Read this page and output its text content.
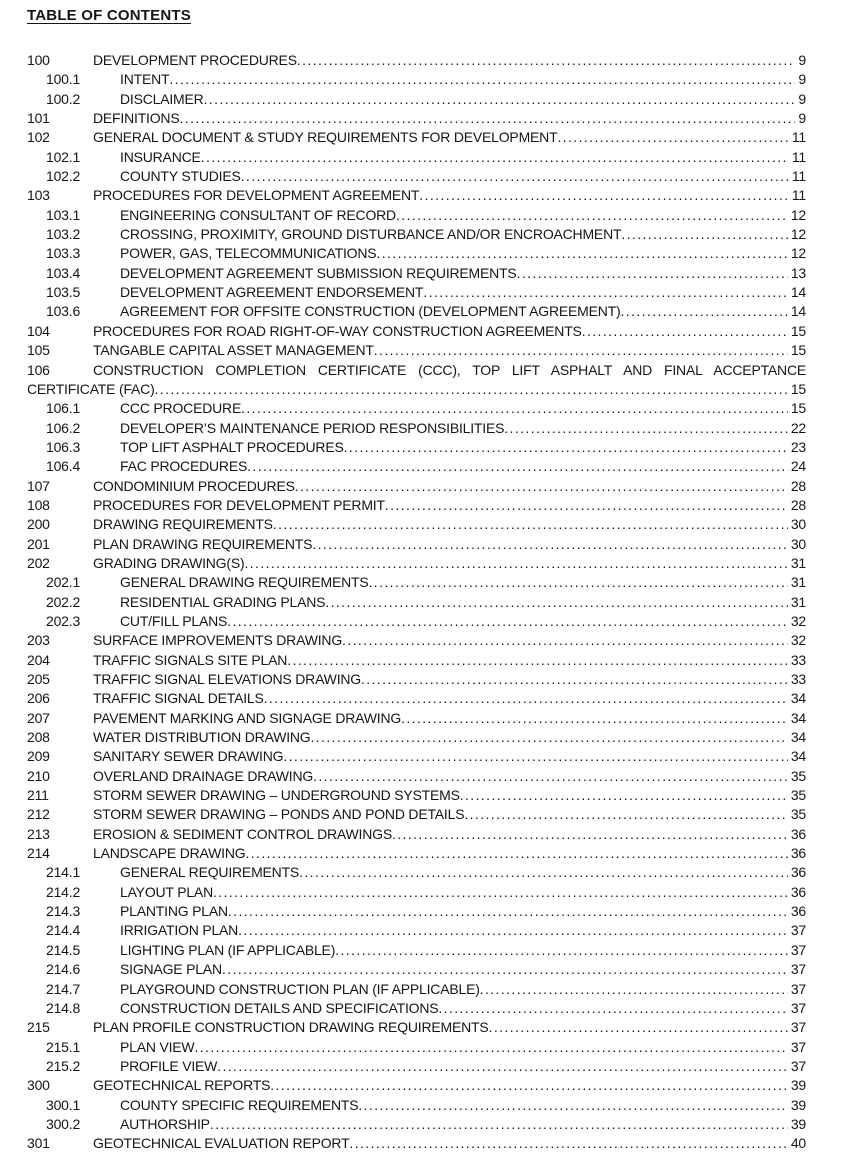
TABLE OF CONTENTS
100	DEVELOPMENT PROCEDURES .....	9
100.1	INTENT .....	9
100.2	DISCLAIMER .....	9
101	DEFINITIONS .....	9
102	GENERAL DOCUMENT & STUDY REQUIREMENTS FOR DEVELOPMENT .....	11
102.1	INSURANCE .....	11
102.2	COUNTY STUDIES .....	11
103	PROCEDURES FOR DEVELOPMENT AGREEMENT .....	11
103.1	ENGINEERING CONSULTANT OF RECORD .....	12
103.2	CROSSING, PROXIMITY, GROUND DISTURBANCE AND/OR ENCROACHMENT .....	12
103.3	POWER, GAS, TELECOMMUNICATIONS .....	12
103.4	DEVELOPMENT AGREEMENT SUBMISSION REQUIREMENTS .....	13
103.5	DEVELOPMENT AGREEMENT ENDORSEMENT .....	14
103.6	AGREEMENT FOR OFFSITE CONSTRUCTION (DEVELOPMENT AGREEMENT) .....	14
104	PROCEDURES FOR ROAD RIGHT-OF-WAY CONSTRUCTION AGREEMENTS .....	15
105	TANGABLE CAPITAL ASSET MANAGEMENT .....	15
106	CONSTRUCTION COMPLETION CERTIFICATE (CCC), TOP LIFT ASPHALT AND FINAL ACCEPTANCE
CERTIFICATE (FAC) .....	15
106.1	CCC PROCEDURE .....	15
106.2	DEVELOPER’S MAINTENANCE PERIOD RESPONSIBILITIES .....	22
106.3	TOP LIFT ASPHALT PROCEDURES .....	23
106.4	FAC PROCEDURES .....	24
107	CONDOMINIUM PROCEDURES .....	28
108	PROCEDURES FOR DEVELOPMENT PERMIT .....	28
200	DRAWING REQUIREMENTS .....	30
201	PLAN DRAWING REQUIREMENTS .....	30
202	GRADING DRAWING(S) .....	31
202.1	GENERAL DRAWING REQUIREMENTS .....	31
202.2	RESIDENTIAL GRADING PLANS .....	31
202.3	CUT/FILL PLANS .....	32
203	SURFACE IMPROVEMENTS DRAWING .....	32
204	TRAFFIC SIGNALS SITE PLAN .....	33
205	TRAFFIC SIGNAL ELEVATIONS DRAWING .....	33
206	TRAFFIC SIGNAL DETAILS .....	34
207	PAVEMENT MARKING AND SIGNAGE DRAWING .....	34
208	WATER DISTRIBUTION DRAWING .....	34
209	SANITARY SEWER DRAWING .....	34
210	OVERLAND DRAINAGE DRAWING .....	35
211	STORM SEWER DRAWING – UNDERGROUND SYSTEMS .....	35
212	STORM SEWER DRAWING – PONDS AND POND DETAILS .....	35
213	EROSION & SEDIMENT CONTROL DRAWINGS .....	36
214	LANDSCAPE DRAWING .....	36
214.1	GENERAL REQUIREMENTS .....	36
214.2	LAYOUT PLAN .....	36
214.3	PLANTING PLAN .....	36
214.4	IRRIGATION PLAN .....	37
214.5	LIGHTING PLAN (IF APPLICABLE) .....	37
214.6	SIGNAGE PLAN .....	37
214.7	PLAYGROUND CONSTRUCTION PLAN (IF APPLICABLE) .....	37
214.8	CONSTRUCTION DETAILS AND SPECIFICATIONS .....	37
215	PLAN PROFILE CONSTRUCTION DRAWING REQUIREMENTS .....	37
215.1	PLAN VIEW .....	37
215.2	PROFILE VIEW .....	37
300	GEOTECHNICAL REPORTS .....	39
300.1	COUNTY SPECIFIC REQUIREMENTS .....	39
300.2	AUTHORSHIP .....	39
301	GEOTECHNICAL EVALUATION REPORT .....	40
